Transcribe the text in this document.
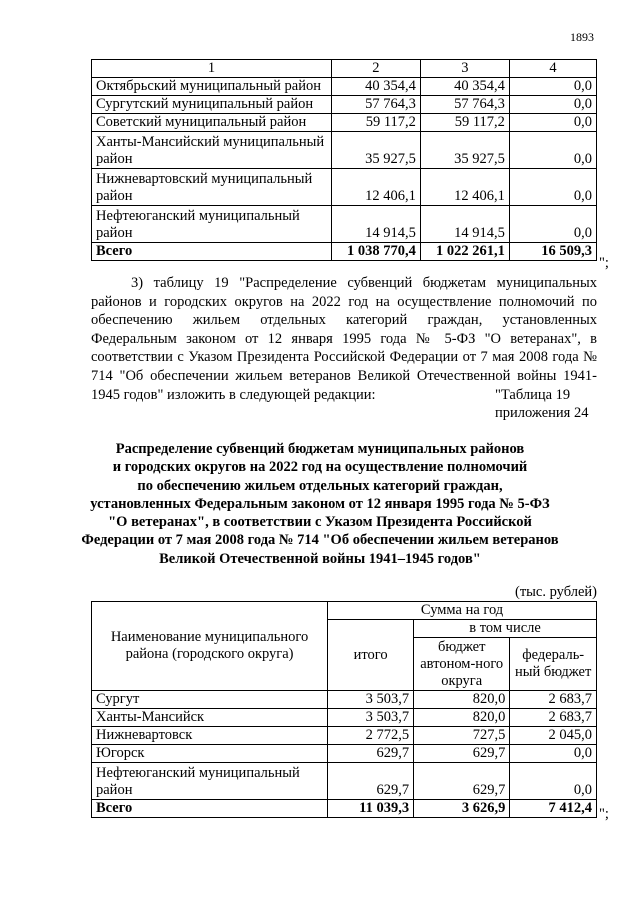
1893
1	2	3	4
Октябрьский муниципальный район	40 354,4	40 354,4	0,0
Сургутский муниципальный район	57 764,3	57 764,3	0,0
Советский муниципальный район	59 117,2	59 117,2	0,0
Ханты-Мансийский муниципальный район	35 927,5	35 927,5	0,0
Нижневартовский муниципальный район	12 406,1	12 406,1	0,0
Нефтеюганский муниципальный район	14 914,5	14 914,5	0,0
Всего	1 038 770,4	1 022 261,1	16 509,3
";
3) таблицу 19 "Распределение субвенций бюджетам муниципальных районов и городских округов на 2022 год на осуществление полномочий по обеспечению жильем отдельных категорий граждан, установленных Федеральным законом от 12 января 1995 года № 5-ФЗ "О ветеранах", в соответствии с Указом Президента Российской Федерации от 7 мая 2008 года № 714 "Об обеспечении жильем ветеранов Великой Отечественной войны 1941-1945 годов" изложить в следующей редакции:	"Таблица 19
приложения 24
Распределение субвенций бюджетам муниципальных районов
и городских округов на 2022 год на осуществление полномочий
по обеспечению жильем отдельных категорий граждан,
установленных Федеральным законом от 12 января 1995 года № 5-ФЗ
"О ветеранах", в соответствии с Указом Президента Российской
Федерации от 7 мая 2008 года № 714 "Об обеспечении жильем ветеранов
Великой Отечественной войны 1941–1945 годов"
(тыс. рублей)
Наименование муниципального района (городского округа)	Сумма на год		
	итого	в том числе	
		бюджет автоном-ного округа	федераль-ный бюджет
Сургут	3 503,7	820,0	2 683,7
Ханты-Мансийск	3 503,7	820,0	2 683,7
Нижневартовск	2 772,5	727,5	2 045,0
Югорск	629,7	629,7	0,0
Нефтеюганский муниципальный район	629,7	629,7	0,0
Всего	11 039,3	3 626,9	7 412,4 ";
